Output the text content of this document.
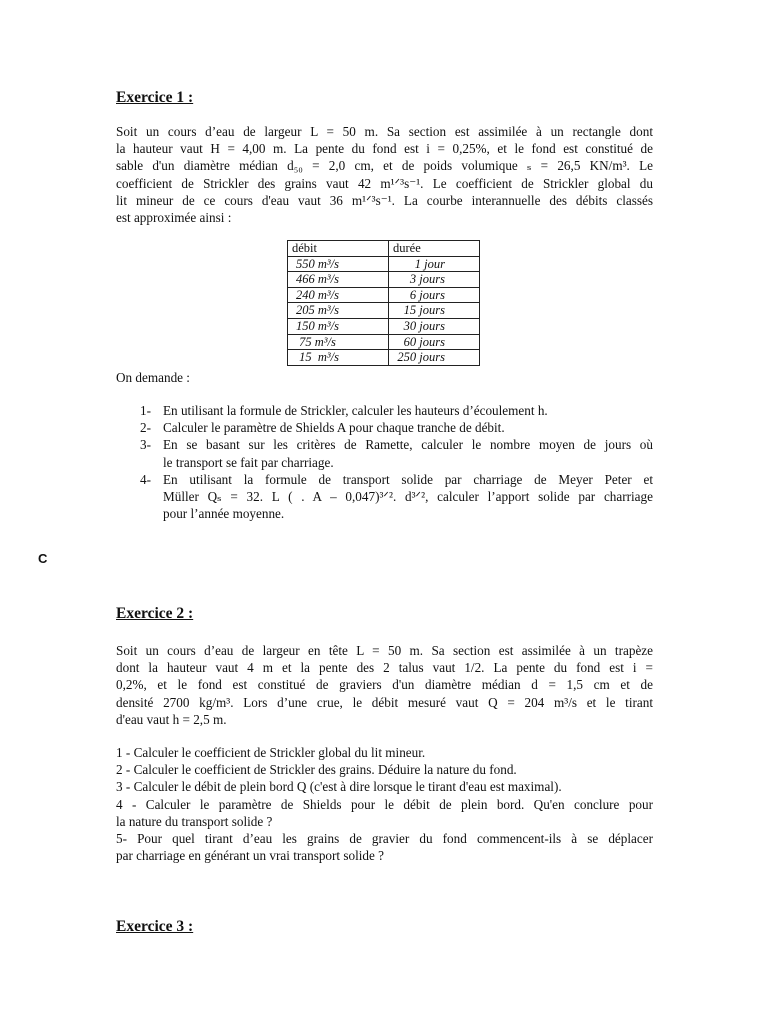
Exercice 1 :
Soit un cours d’eau de largeur L = 50 m. Sa section est assimilée à un rectangle dont
la hauteur vaut H = 4,00 m. La pente du fond est i = 0,25%, et le fond est constitué de
sable d'un diamètre médian d₅₀ = 2,0 cm, et de poids volumique ₛ = 26,5 KN/m³. Le
coefficient de Strickler des grains vaut 42 m¹ᐟ³s⁻¹. Le coefficient de Strickler global du
lit mineur de ce cours d'eau vaut 36 m¹ᐟ³s⁻¹. La courbe interannuelle des débits classés
est approximée ainsi :
débit	durée
550 m³/s	1 jour
466 m³/s	3 jours
240 m³/s	6 jours
205 m³/s	15 jours
150 m³/s	30 jours
75 m³/s	60 jours
15  m³/s	250 jours
On demande :
1- En utilisant la formule de Strickler, calculer les hauteurs d’écoulement h.
2- Calculer le paramètre de Shields A pour chaque tranche de débit.
3- En se basant sur les critères de Ramette, calculer le nombre moyen de jours où
le transport se fait par charriage.
4- En utilisant la formule de transport solide par charriage de Meyer Peter et
Müller Qₛ = 32. L ( . A – 0,047)³ᐟ². d³ᐟ², calculer l’apport solide par charriage
pour l’année moyenne.
C
Exercice 2 :
Soit un cours d’eau de largeur en tête L = 50 m. Sa section est assimilée à un trapèze
dont la hauteur vaut 4 m et la pente des 2 talus vaut 1/2. La pente du fond est i =
0,2%, et le fond est constitué de graviers d'un diamètre médian d = 1,5 cm et de
densité 2700 kg/m³. Lors d’une crue, le débit mesuré vaut Q = 204 m³/s et le tirant
d'eau vaut h = 2,5 m.
1 - Calculer le coefficient de Strickler global du lit mineur.
2 - Calculer le coefficient de Strickler des grains. Déduire la nature du fond.
3 - Calculer le débit de plein bord Q (c'est à dire lorsque le tirant d'eau est maximal).
4 - Calculer le paramètre de Shields pour le débit de plein bord. Qu'en conclure pour
la nature du transport solide ?
5- Pour quel tirant d’eau les grains de gravier du fond commencent-ils à se déplacer
par charriage en générant un vrai transport solide ?
Exercice 3 :
